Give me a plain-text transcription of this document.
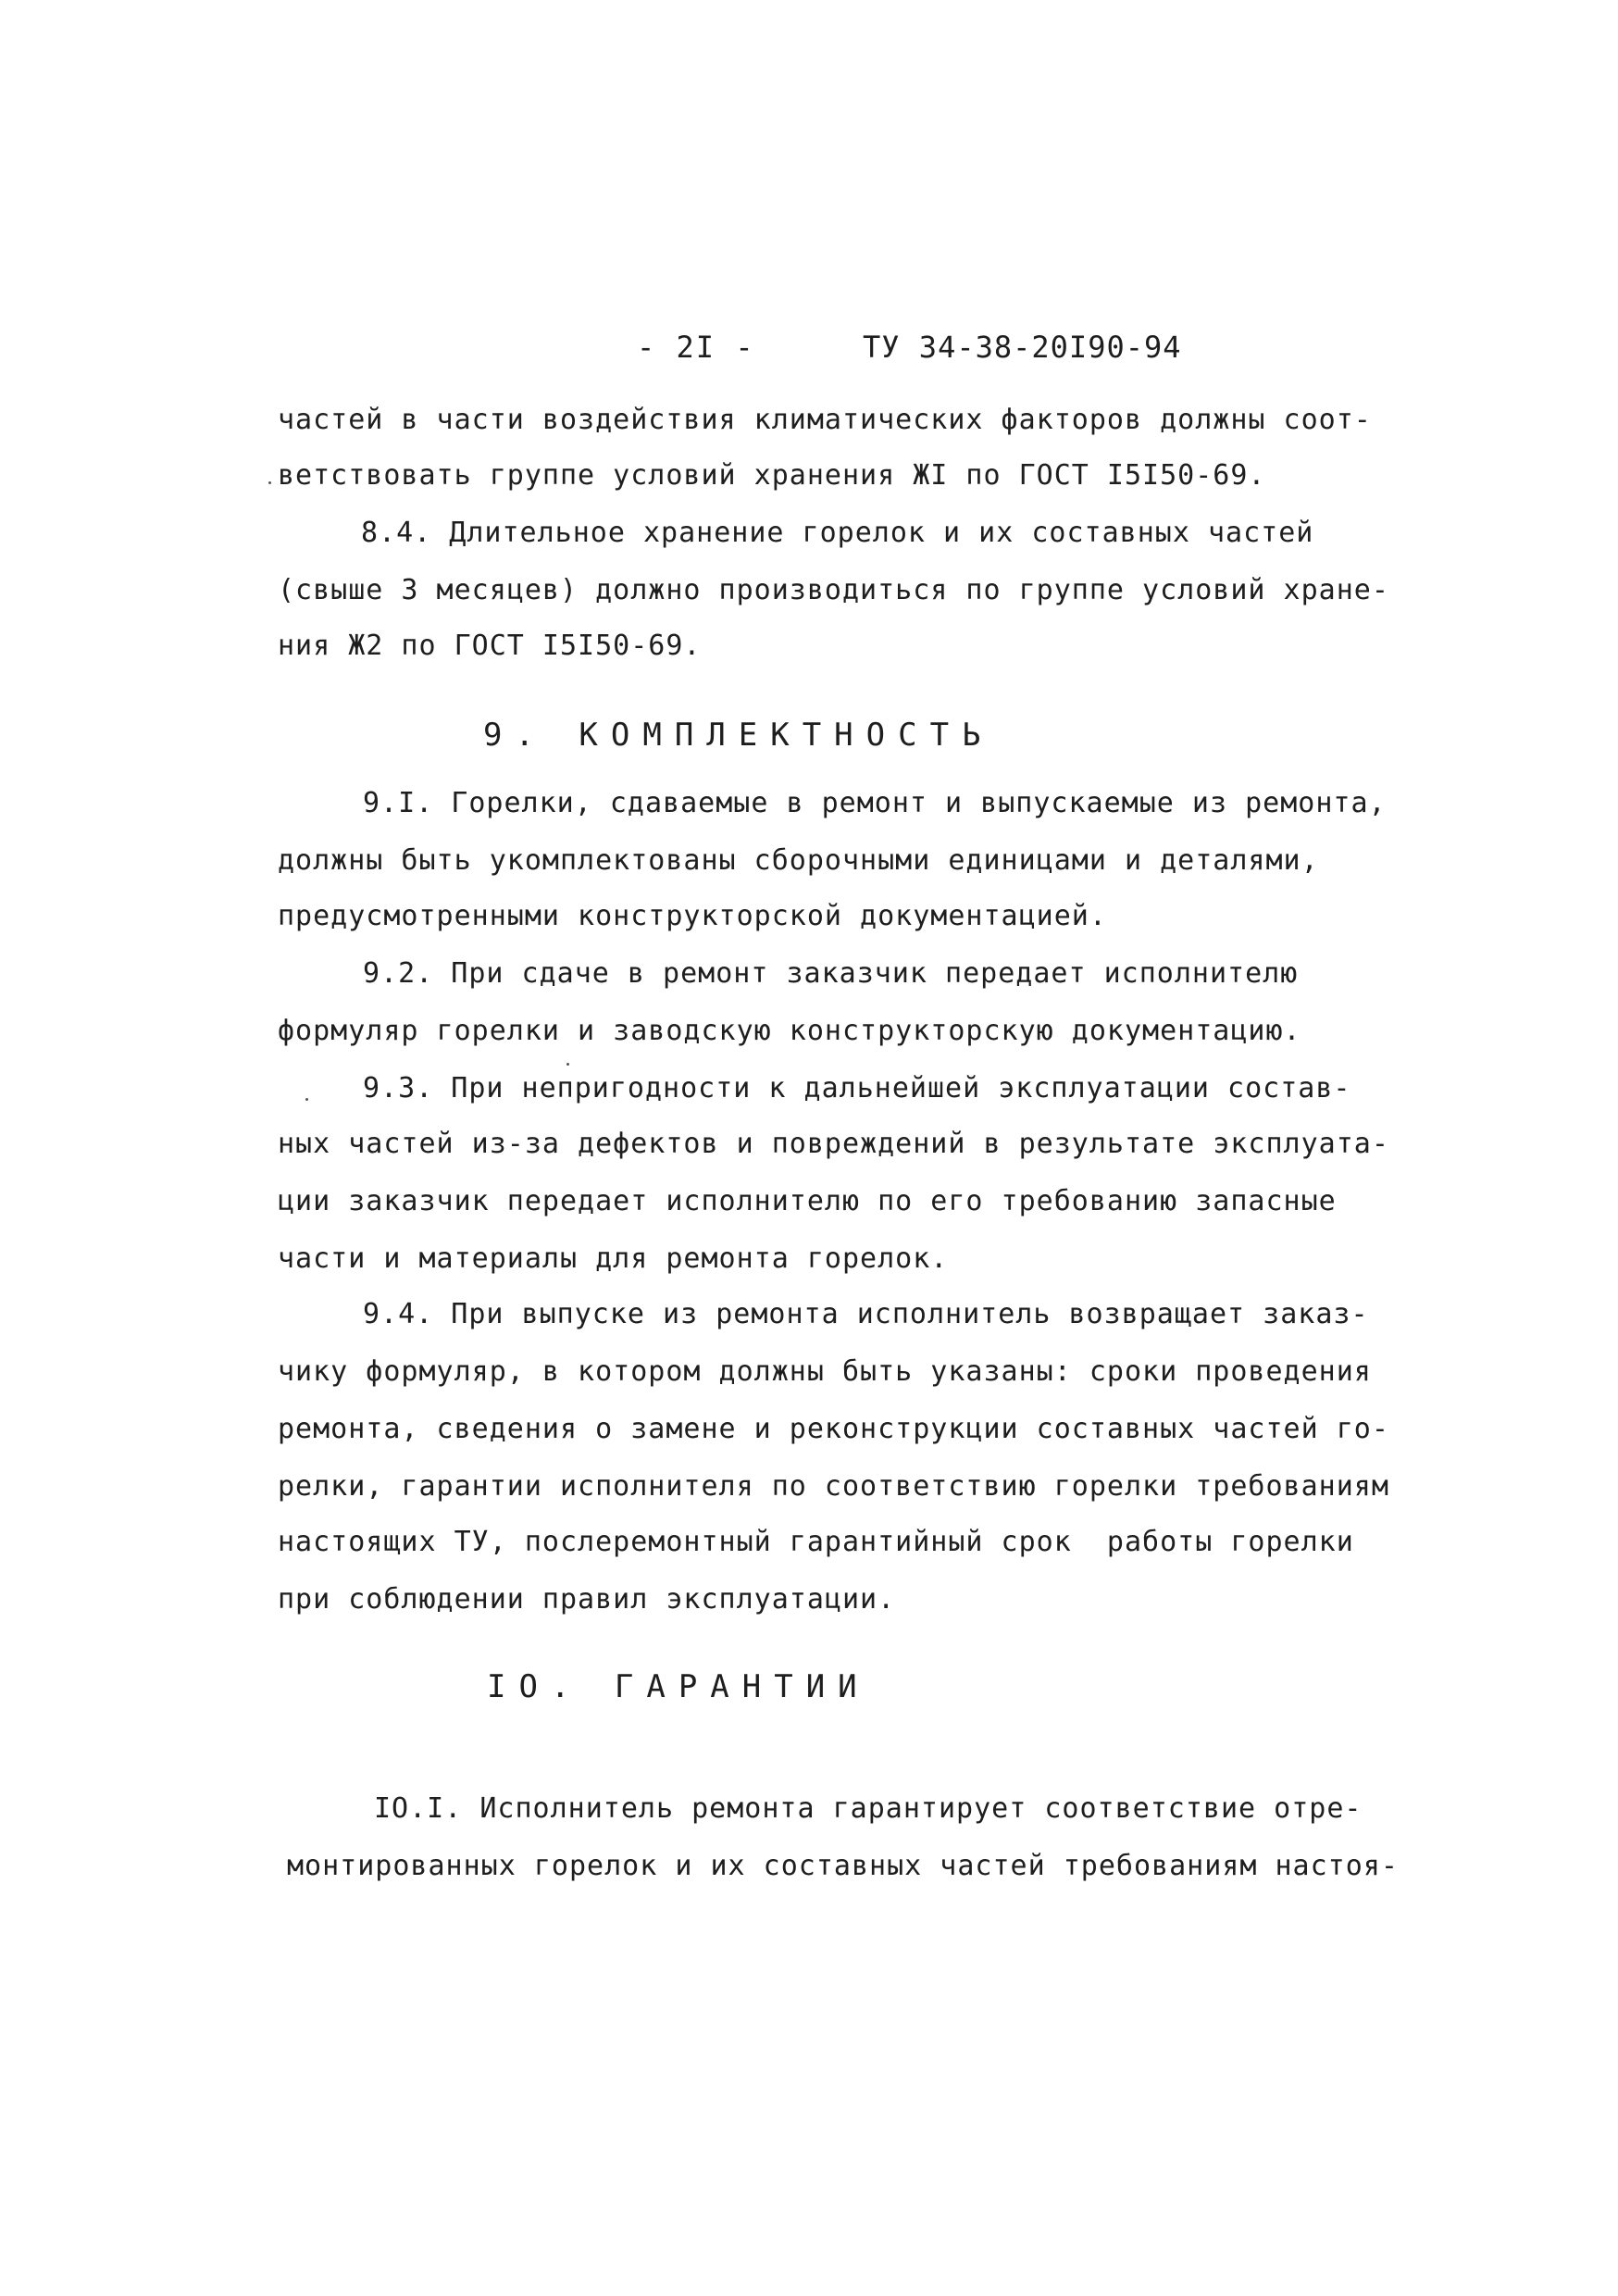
- 2I -	ТУ 34-38-20I90-94
частей в части воздействия климатических факторов должны соот-
ветствовать группе условий хранения ЖI по ГОСТ I5I50-69.
8.4. Длительное хранение горелок и их составных частей
(свыше 3 месяцев) должно производиться по группе условий хране-
ния Ж2 по ГОСТ I5I50-69.
9. КОМПЛЕКТНОСТЬ
9.I. Горелки, сдаваемые в ремонт и выпускаемые из ремонта,
должны быть укомплектованы сборочными единицами и деталями,
предусмотренными конструкторской документацией.
9.2. При сдаче в ремонт заказчик передает исполнителю
формуляр горелки и заводскую конструкторскую документацию.
9.3. При непригодности к дальнейшей эксплуатации состав-
ных частей из-за дефектов и повреждений в результате эксплуата-
ции заказчик передает исполнителю по его требованию запасные
части и материалы для ремонта горелок.
9.4. При выпуске из ремонта исполнитель возвращает заказ-
чику формуляр, в котором должны быть указаны: сроки проведения
ремонта, сведения о замене и реконструкции составных частей го-
релки, гарантии исполнителя по соответствию горелки требованиям
настоящих ТУ, послеремонтный гарантийный срок  работы горелки
при соблюдении правил эксплуатации.
IО. ГАРАНТИИ
IО.I. Исполнитель ремонта гарантирует соответствие отре-
монтированных горелок и их составных частей требованиям настоя-
